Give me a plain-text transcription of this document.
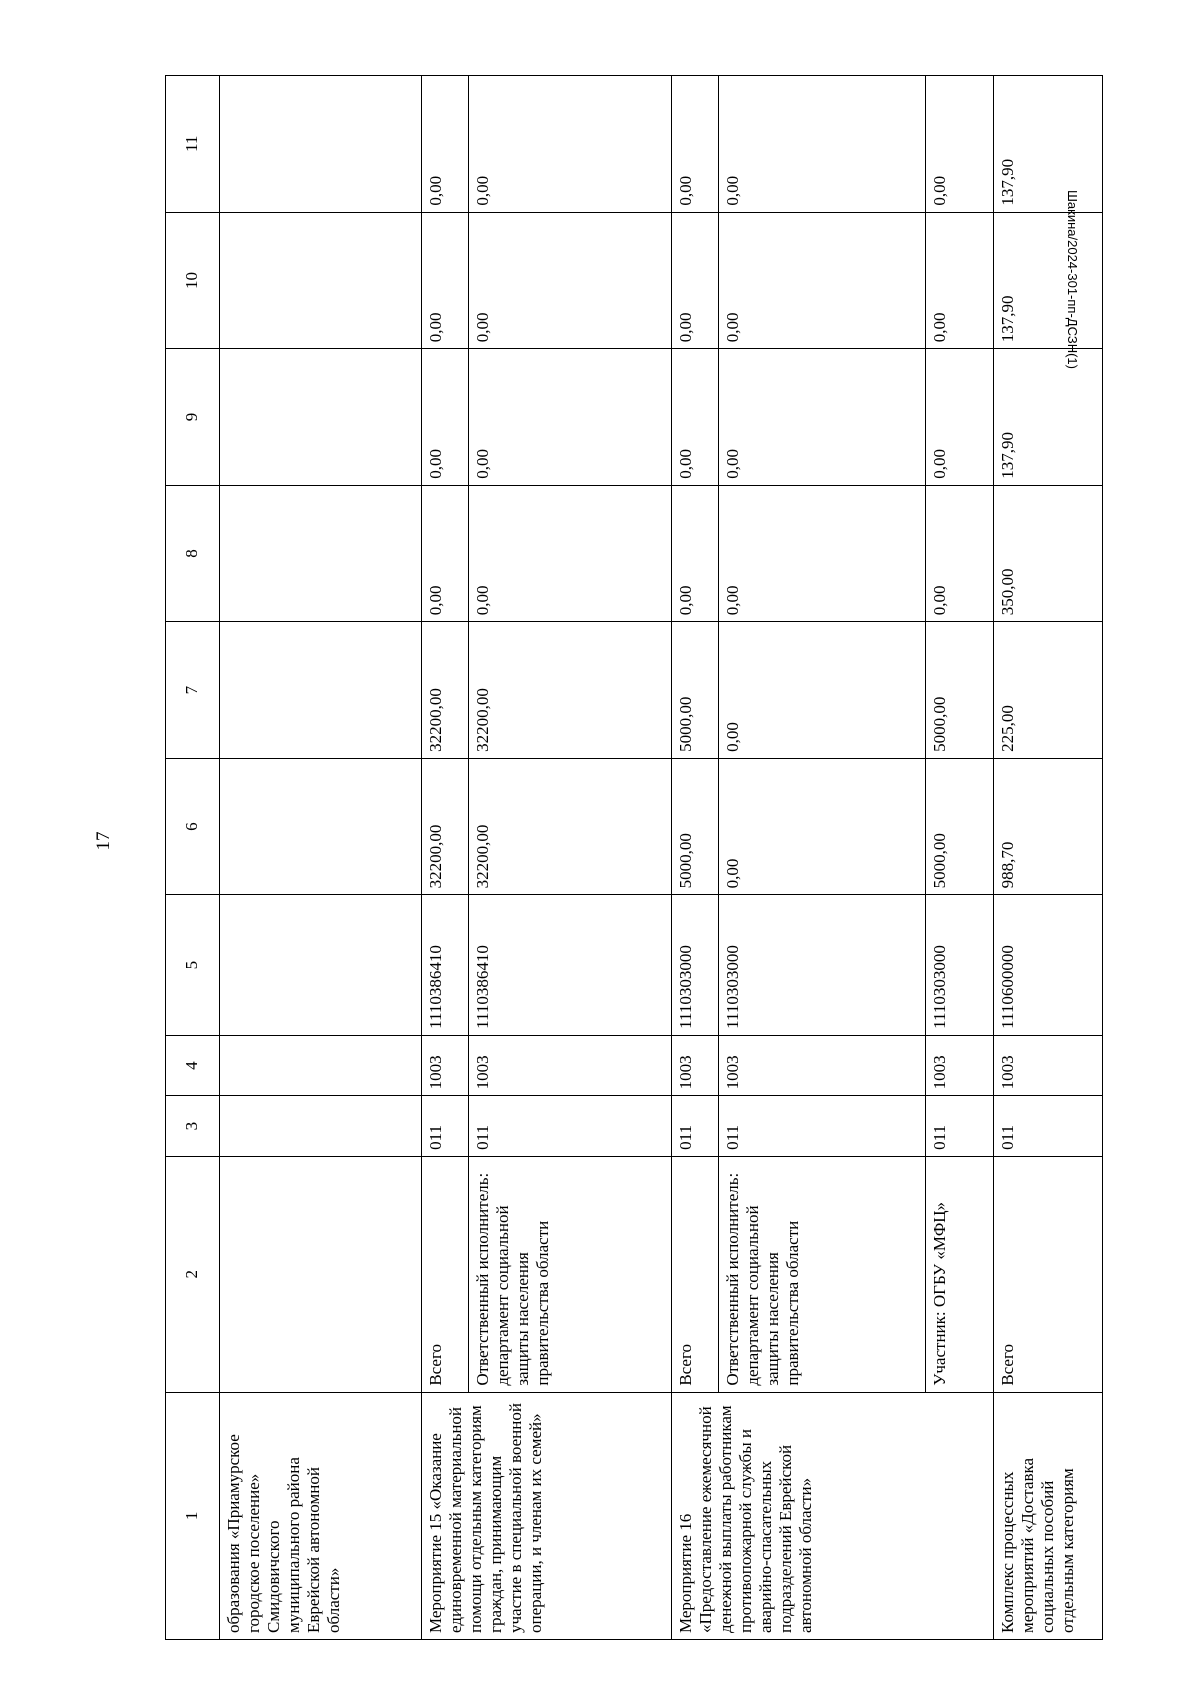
17
Шакина/2024-301-пп-ДСЗН(1)
1	2	3	4	5	6	7	8	9	10	11
образования «Приамурское городское поселение» Смидовичского муниципального района Еврейской автономной области»										
Мероприятие 15 «Оказание единовременной материальной помощи отдельным категориям граждан, принимающим участие в специальной военной операции, и членам их семей»	Всего	011	1003	1110386410	32200,00	32200,00	0,00	0,00	0,00	0,00
	Ответственный исполнитель: департамент социальной защиты населения правительства области	011	1003	1110386410	32200,00	32200,00	0,00	0,00	0,00	0,00
Мероприятие 16 «Предоставление ежемесячной денежной выплаты работникам противопожарной службы и аварийно-спасательных подразделений Еврейской автономной области»	Всего	011	1003	1110303000	5000,00	5000,00	0,00	0,00	0,00	0,00
	Ответственный исполнитель: департамент социальной защиты населения правительства области	011	1003	1110303000	0,00	0,00	0,00	0,00	0,00	0,00
	Участник: ОГБУ «МФЦ»	011	1003	1110303000	5000,00	5000,00	0,00	0,00	0,00	0,00
Комплекс процессных мероприятий «Доставка социальных пособий отдельным категориям	Всего	011	1003	1110600000	988,70	225,00	350,00	137,90	137,90	137,90
